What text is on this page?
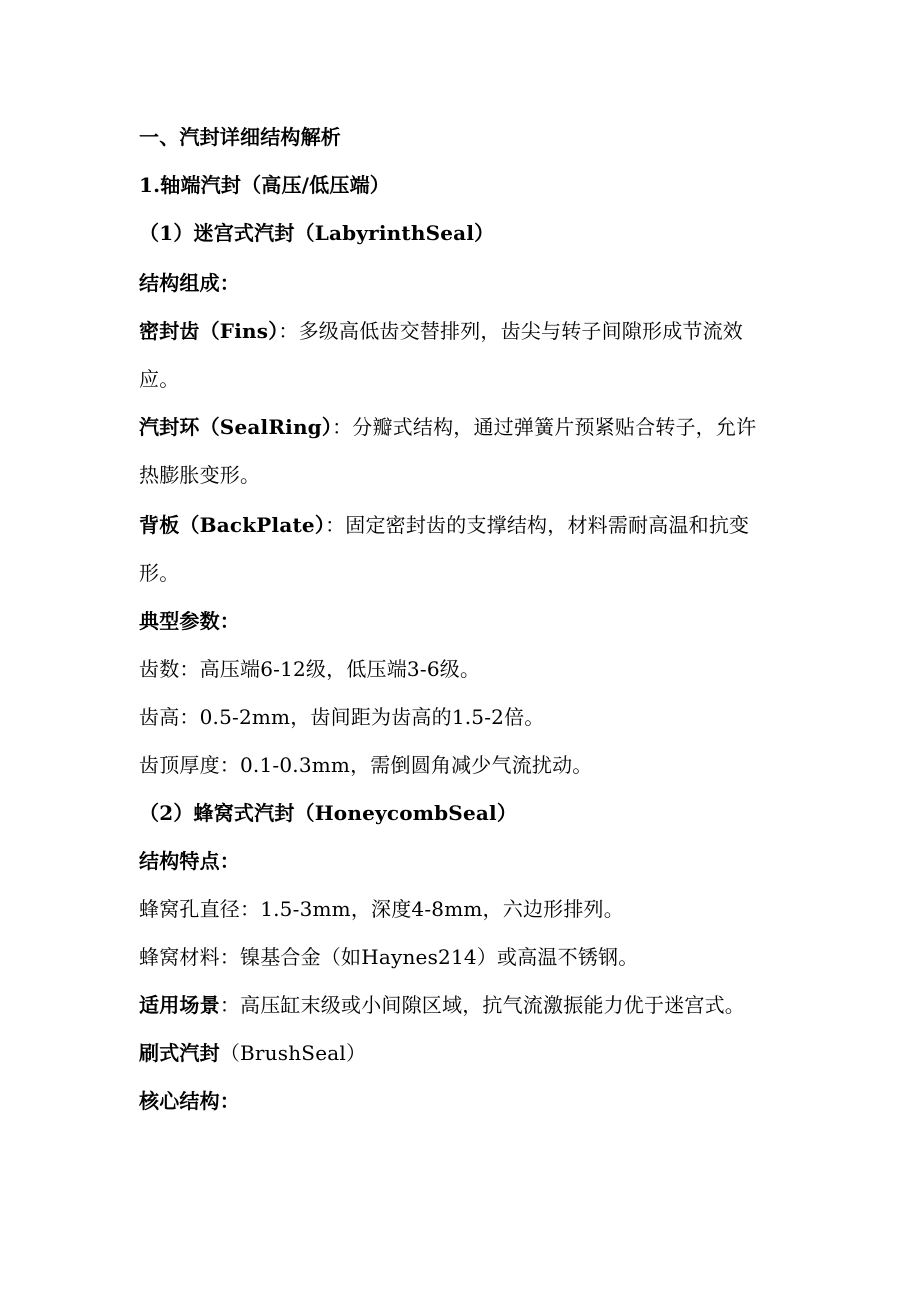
一、汽封详细结构解析
1.轴端汽封（高压/低压端）
（1）迷宫式汽封（LabyrinthSeal）
结构组成：
密封齿（Fins）：多级高低齿交替排列，齿尖与转子间隙形成节流效
应。
汽封环（SealRing）：分瓣式结构，通过弹簧片预紧贴合转子，允许
热膨胀变形。
背板（BackPlate）：固定密封齿的支撑结构，材料需耐高温和抗变
形。
典型参数：
齿数：高压端6-12级，低压端3-6级。
齿高：0.5-2mm，齿间距为齿高的1.5-2倍。
齿顶厚度：0.1-0.3mm，需倒圆角减少气流扰动。
（2）蜂窝式汽封（HoneycombSeal）
结构特点：
蜂窝孔直径：1.5-3mm，深度4-8mm，六边形排列。
蜂窝材料：镍基合金（如Haynes214）或高温不锈钢。
适用场景：高压缸末级或小间隙区域，抗气流激振能力优于迷宫式。
刷式汽封（BrushSeal）
核心结构：
